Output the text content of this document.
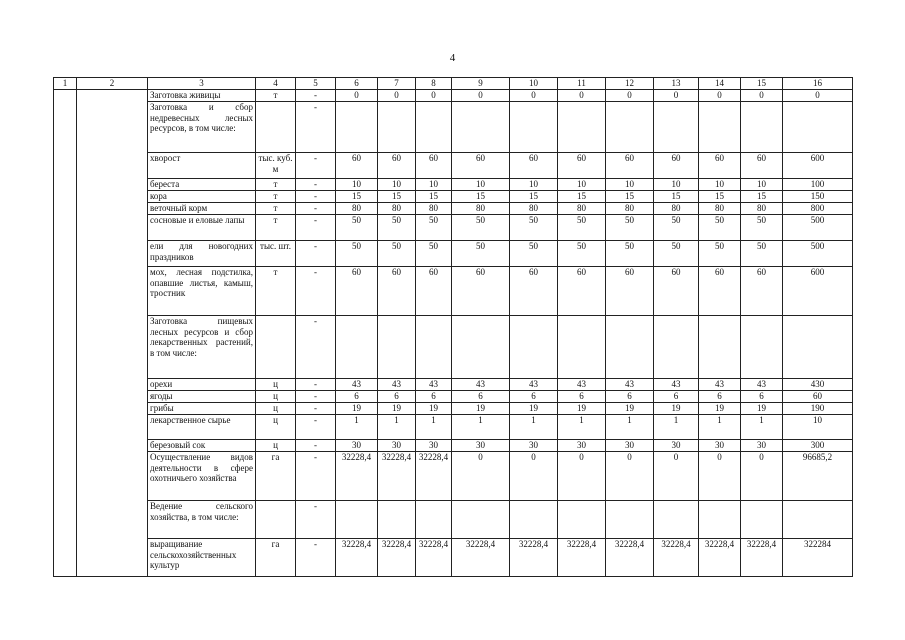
4
1	2	3	4	5	6	7	8	9	10	11	12	13	14	15	16
		Заготовка живицы	т	-	0	0	0	0	0	0	0	0	0	0	0
		Заготовка и сбор недревесных лесных ресурсов, в том числе:		-											
		хворост	тыс. куб. м	-	60	60	60	60	60	60	60	60	60	60	600
		береста	т	-	10	10	10	10	10	10	10	10	10	10	100
		кора	т	-	15	15	15	15	15	15	15	15	15	15	150
		веточный корм	т	-	80	80	80	80	80	80	80	80	80	80	800
		сосновые и еловые лапы	т	-	50	50	50	50	50	50	50	50	50	50	500
		ели для новогодних праздников	тыс. шт.	-	50	50	50	50	50	50	50	50	50	50	500
		мох, лесная подстилка, опавшие листья, камыш, тростник	т	-	60	60	60	60	60	60	60	60	60	60	600
		Заготовка пищевых лесных ресурсов и сбор лекарственных растений, в том числе:		-											
		орехи	ц	-	43	43	43	43	43	43	43	43	43	43	430
		ягоды	ц	-	6	6	6	6	6	6	6	6	6	6	60
		грибы	ц	-	19	19	19	19	19	19	19	19	19	19	190
		лекарственное сырье	ц	-	1	1	1	1	1	1	1	1	1	1	10
		березовый сок	ц	-	30	30	30	30	30	30	30	30	30	30	300
		Осуществление видов деятельности в сфере охотничьего хозяйства	га	-	32228,4	32228,4	32228,4	0	0	0	0	0	0	0	96685,2
		Ведение сельского хозяйства, в том числе:		-											
		выращивание сельскохозяйственных культур	га	-	32228,4	32228,4	32228,4	32228,4	32228,4	32228,4	32228,4	32228,4	32228,4	32228,4	322284
